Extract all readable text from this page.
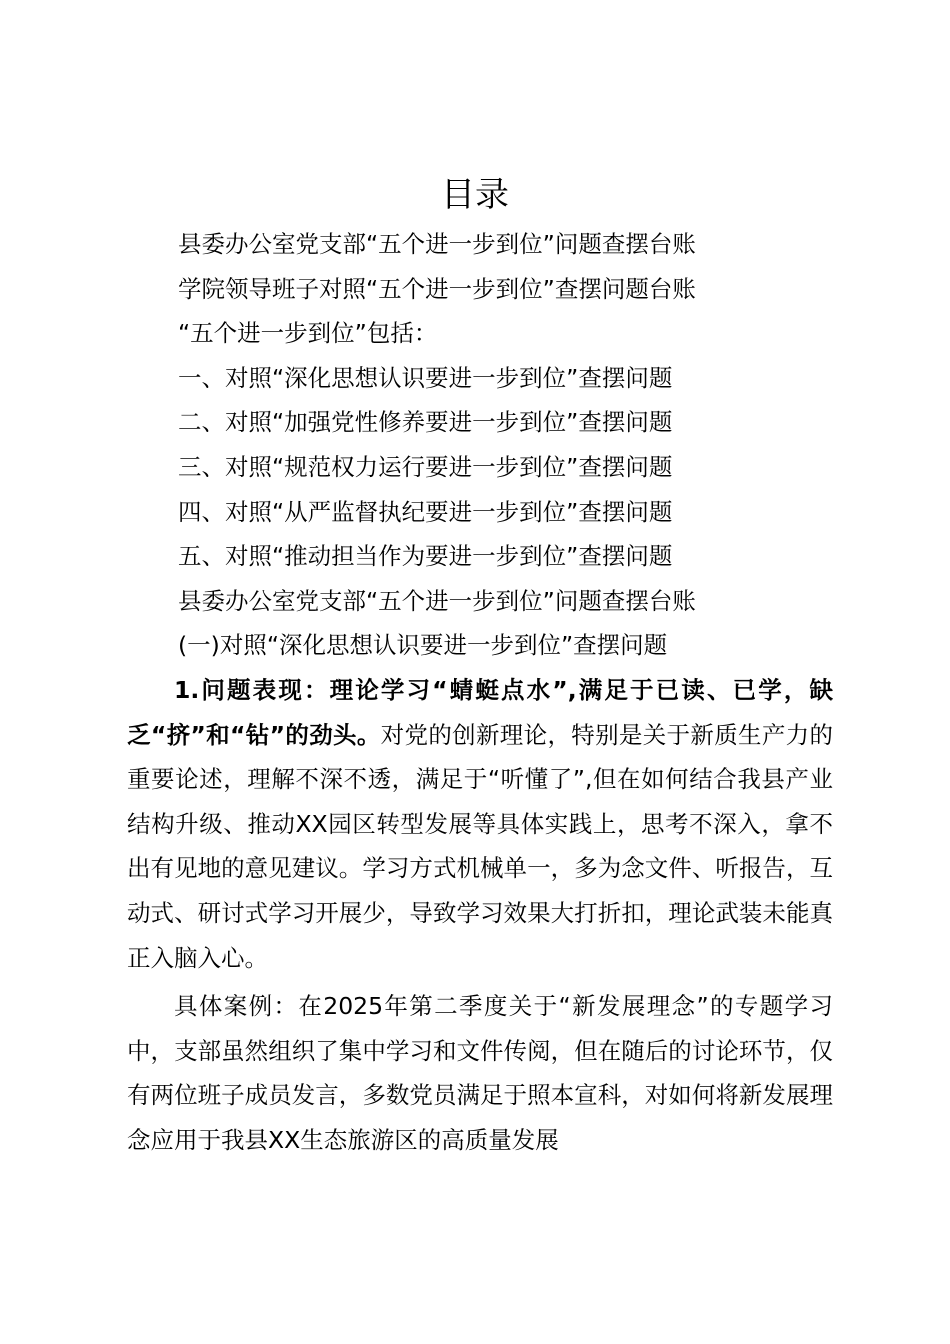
目录
县委办公室党支部“五个进一步到位”问题查摆台账
学院领导班子对照“五个进一步到位”查摆问题台账
“五个进一步到位”包括：
一、对照“深化思想认识要进一步到位”查摆问题
二、对照“加强党性修养要进一步到位”查摆问题
三、对照“规范权力运行要进一步到位”查摆问题
四、对照“从严监督执纪要进一步到位”查摆问题
五、对照“推动担当作为要进一步到位”查摆问题
县委办公室党支部“五个进一步到位”问题查摆台账
(一)对照“深化思想认识要进一步到位”查摆问题

1.问题表现：理论学习“蜻蜓点水”,满足于已读、已学，缺乏“挤”和“钻”的劲头。对党的创新理论，特别是关于新质生产力的重要论述，理解不深不透，满足于“听懂了”,但在如何结合我县产业结构升级、推动XX园区转型发展等具体实践上，思考不深入，拿不出有见地的意见建议。学习方式机械单一，多为念文件、听报告，互动式、研讨式学习开展少，导致学习效果大打折扣，理论武装未能真正入脑入心。

具体案例：在2025年第二季度关于“新发展理念”的专题学习中，支部虽然组织了集中学习和文件传阅，但在随后的讨论环节，仅有两位班子成员发言，多数党员满足于照本宣科，对如何将新发展理念应用于我县XX生态旅游区的高质量发展
